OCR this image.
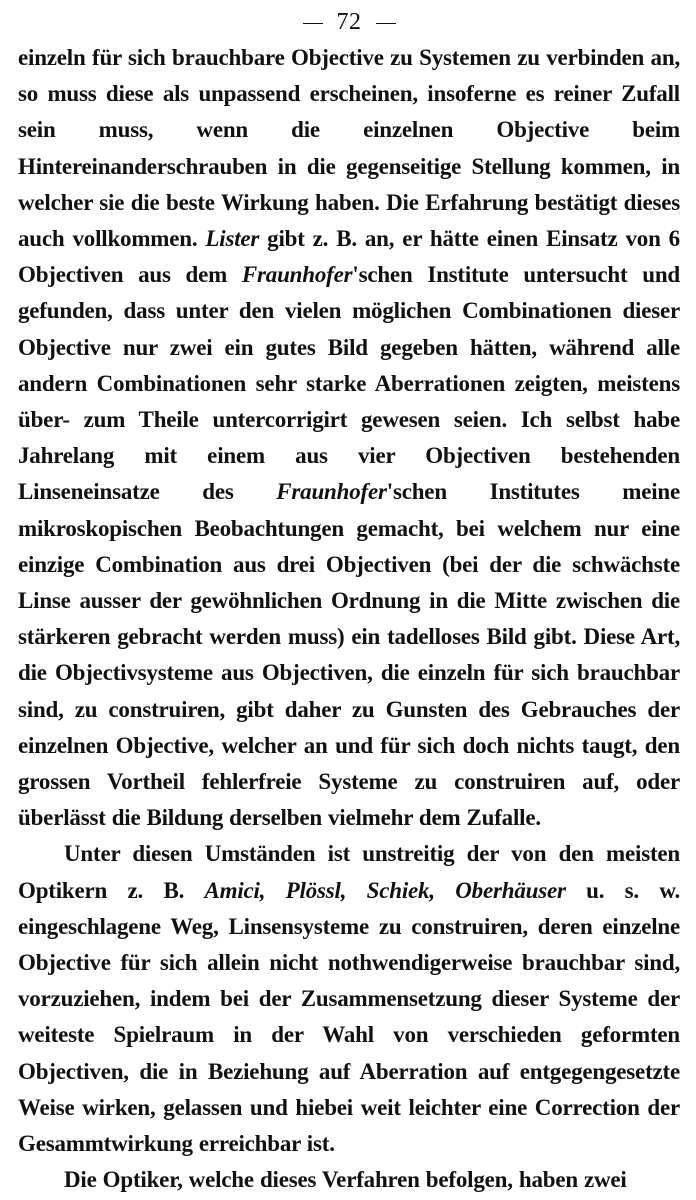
72

einzeln für sich brauchbare Objective zu Systemen zu verbinden an, so muss diese als unpassend erscheinen, insoferne es reiner Zufall sein muss, wenn die einzelnen Objective beim Hintereinanderschrauben in die gegenseitige Stellung kommen, in welcher sie die beste Wirkung haben. Die Erfahrung bestätigt dieses auch vollkommen. Lister gibt z. B. an, er hätte einen Einsatz von 6 Objectiven aus dem Fraunhofer'schen Institute untersucht und gefunden, dass unter den vielen möglichen Combinationen dieser Objective nur zwei ein gutes Bild gegeben hätten, während alle andern Combinationen sehr starke Aberrationen zeigten, meistens über- zum Theile untercorrigirt gewesen seien. Ich selbst habe Jahrelang mit einem aus vier Objectiven bestehenden Linseneinsatze des Fraunhofer'schen Institutes meine mikroskopischen Beobachtungen gemacht, bei welchem nur eine einzige Combination aus drei Objectiven (bei der die schwächste Linse ausser der gewöhnlichen Ordnung in die Mitte zwischen die stärkeren gebracht werden muss) ein tadelloses Bild gibt. Diese Art, die Objectivsysteme aus Objectiven, die einzeln für sich brauchbar sind, zu construiren, gibt daher zu Gunsten des Gebrauches der einzelnen Objective, welcher an und für sich doch nichts taugt, den grossen Vortheil fehlerfreie Systeme zu construiren auf, oder überlässt die Bildung derselben vielmehr dem Zufalle.

Unter diesen Umständen ist unstreitig der von den meisten Optikern z. B. Amici, Plössl, Schiek, Oberhäuser u. s. w. eingeschlagene Weg, Linsensysteme zu construiren, deren einzelne Objective für sich allein nicht nothwendigerweise brauchbar sind, vorzuziehen, indem bei der Zusammensetzung dieser Systeme der weiteste Spielraum in der Wahl von verschieden geformten Objectiven, die in Beziehung auf Aberration auf entgegengesetzte Weise wirken, gelassen und hiebei weit leichter eine Correction der Gesammtwirkung erreichbar ist.

Die Optiker, welche dieses Verfahren befolgen, haben zwei
